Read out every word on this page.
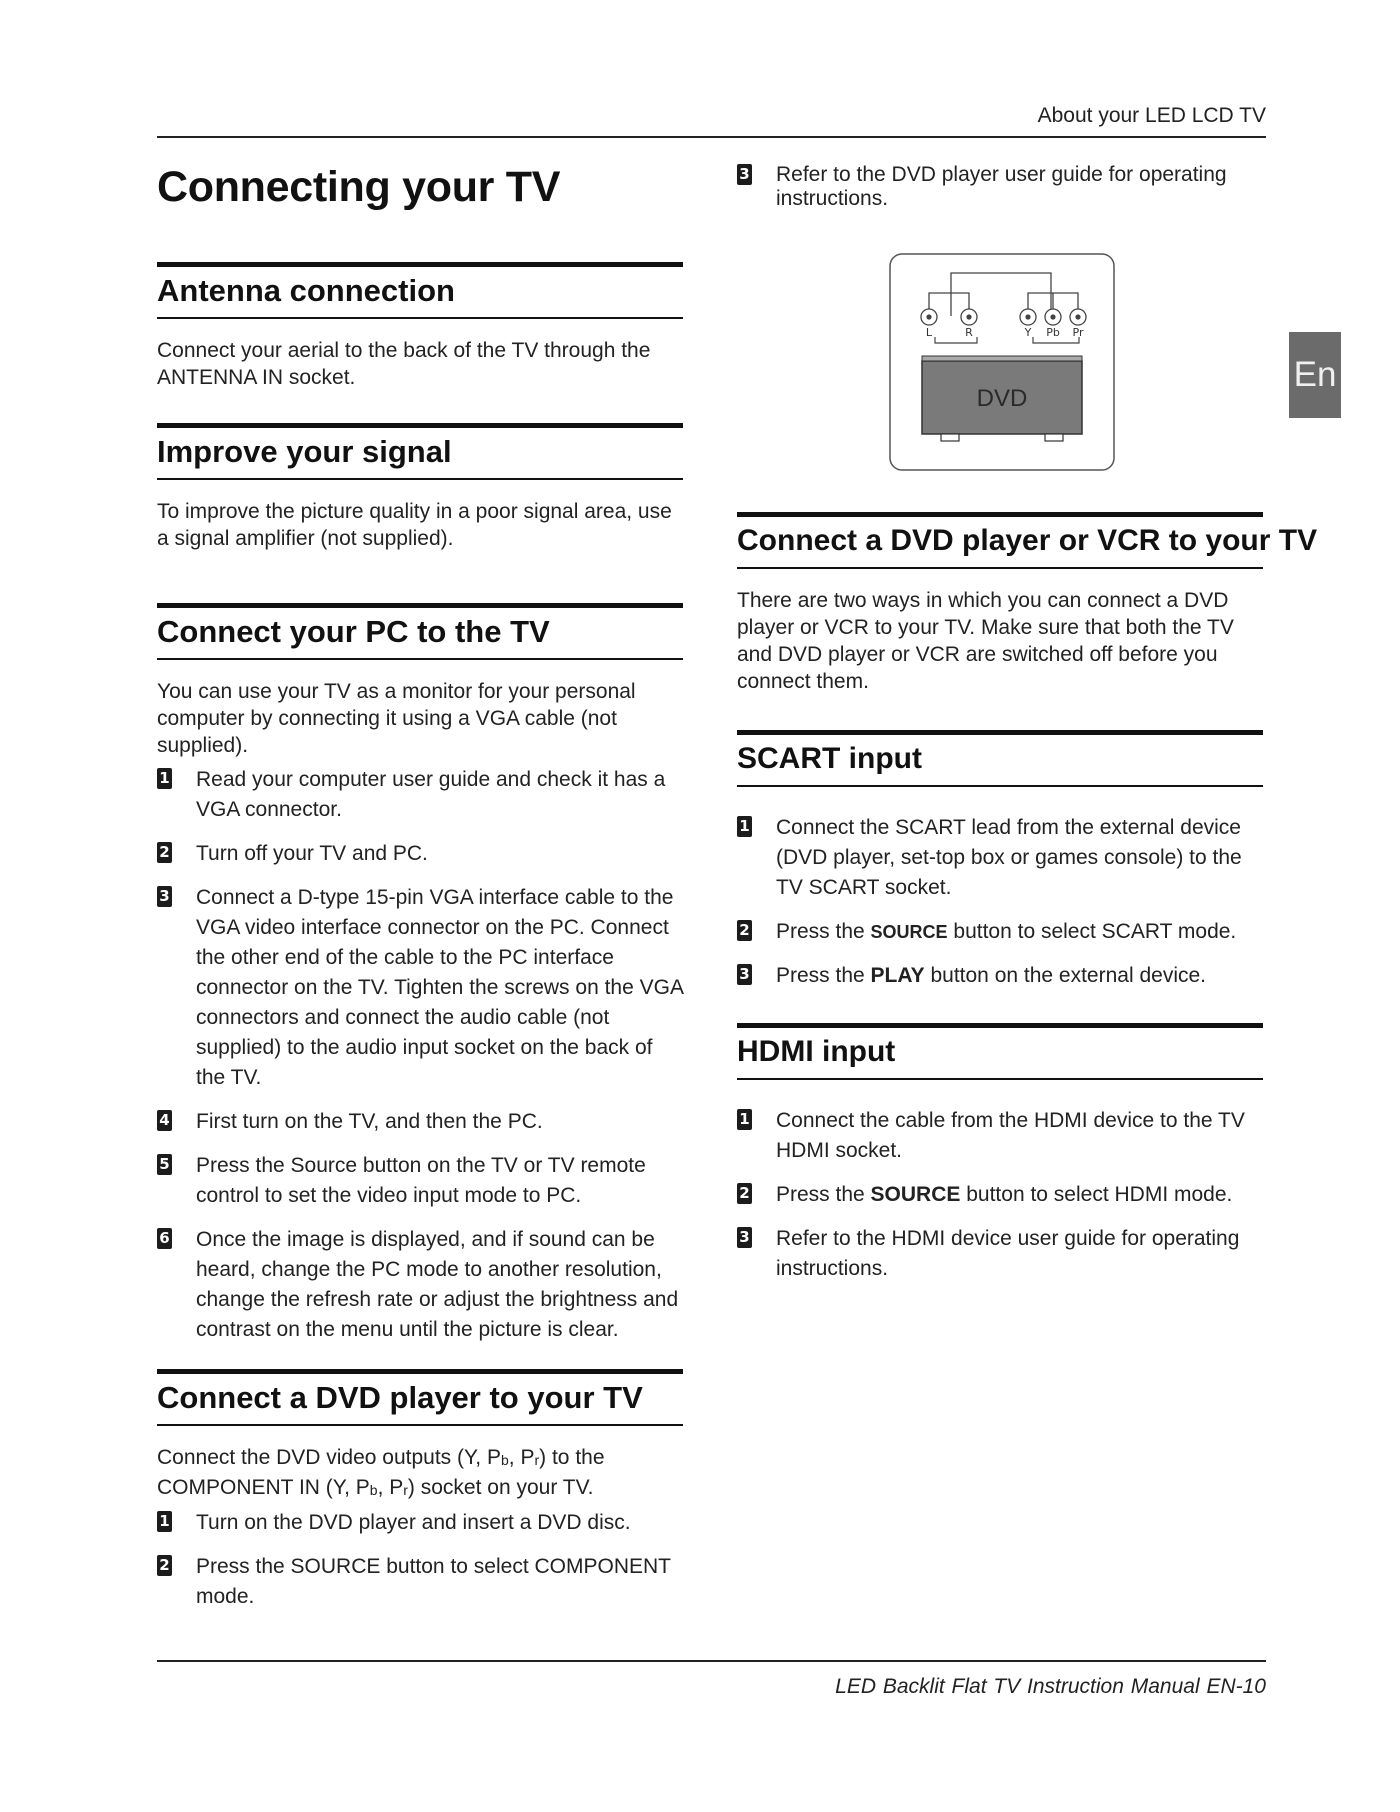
About your LED LCD TV
Connecting your TV
Antenna connection

Connect your aerial to the back of the TV through the ANTENNA IN socket.

Improve your signal

To improve the picture quality in a poor signal area, use a signal amplifier (not supplied).

Connect your PC to the TV

You can use your TV as a monitor for your personal computer by connecting it using a VGA cable (not supplied).

1 Read your computer user guide and check it has a VGA connector.
2 Turn off your TV and PC.
3 Connect a D-type 15-pin VGA interface cable to the VGA video interface connector on the PC. Connect the other end of the cable to the PC interface connector on the TV. Tighten the screws on the VGA connectors and connect the audio cable (not supplied) to the audio input socket on the back of the TV.
4 First turn on the TV, and then the PC.
5 Press the Source button on the TV or TV remote control to set the video input mode to PC.
6 Once the image is displayed, and if sound can be heard, change the PC mode to another resolution, change the refresh rate or adjust the brightness and contrast on the menu until the picture is clear.
Connect a DVD player to your TV

Connect the DVD video outputs (Y, $P_b$, $P_r$) to the COMPONENT IN (Y, $P_b$, $P_r$) socket on your TV.

1 Turn on the DVD player and insert a DVD disc.
2 Press the SOURCE button to select COMPONENT mode.
3 Refer to the DVD player user guide for operating instructions.
L	R	Y Pb Pr
DVD
Connect a DVD player or VCR to your TV

There are two ways in which you can connect a DVD player or VCR to your TV. Make sure that both the TV and DVD player or VCR are switched off before you connect them.

SCART input
1 Connect the SCART lead from the external device (DVD player, set-top box or games console) to the TV SCART socket.
2 Press the SOURCE button to select SCART mode.
3 Press the PLAY button on the external device.
HDMI input
1 Connect the cable from the HDMI device to the TV HDMI socket.
2 Press the SOURCE button to select HDMI mode.
3 Refer to the HDMI device user guide for operating instructions.
En
LED Backlit Flat TV Instruction Manual EN-10
